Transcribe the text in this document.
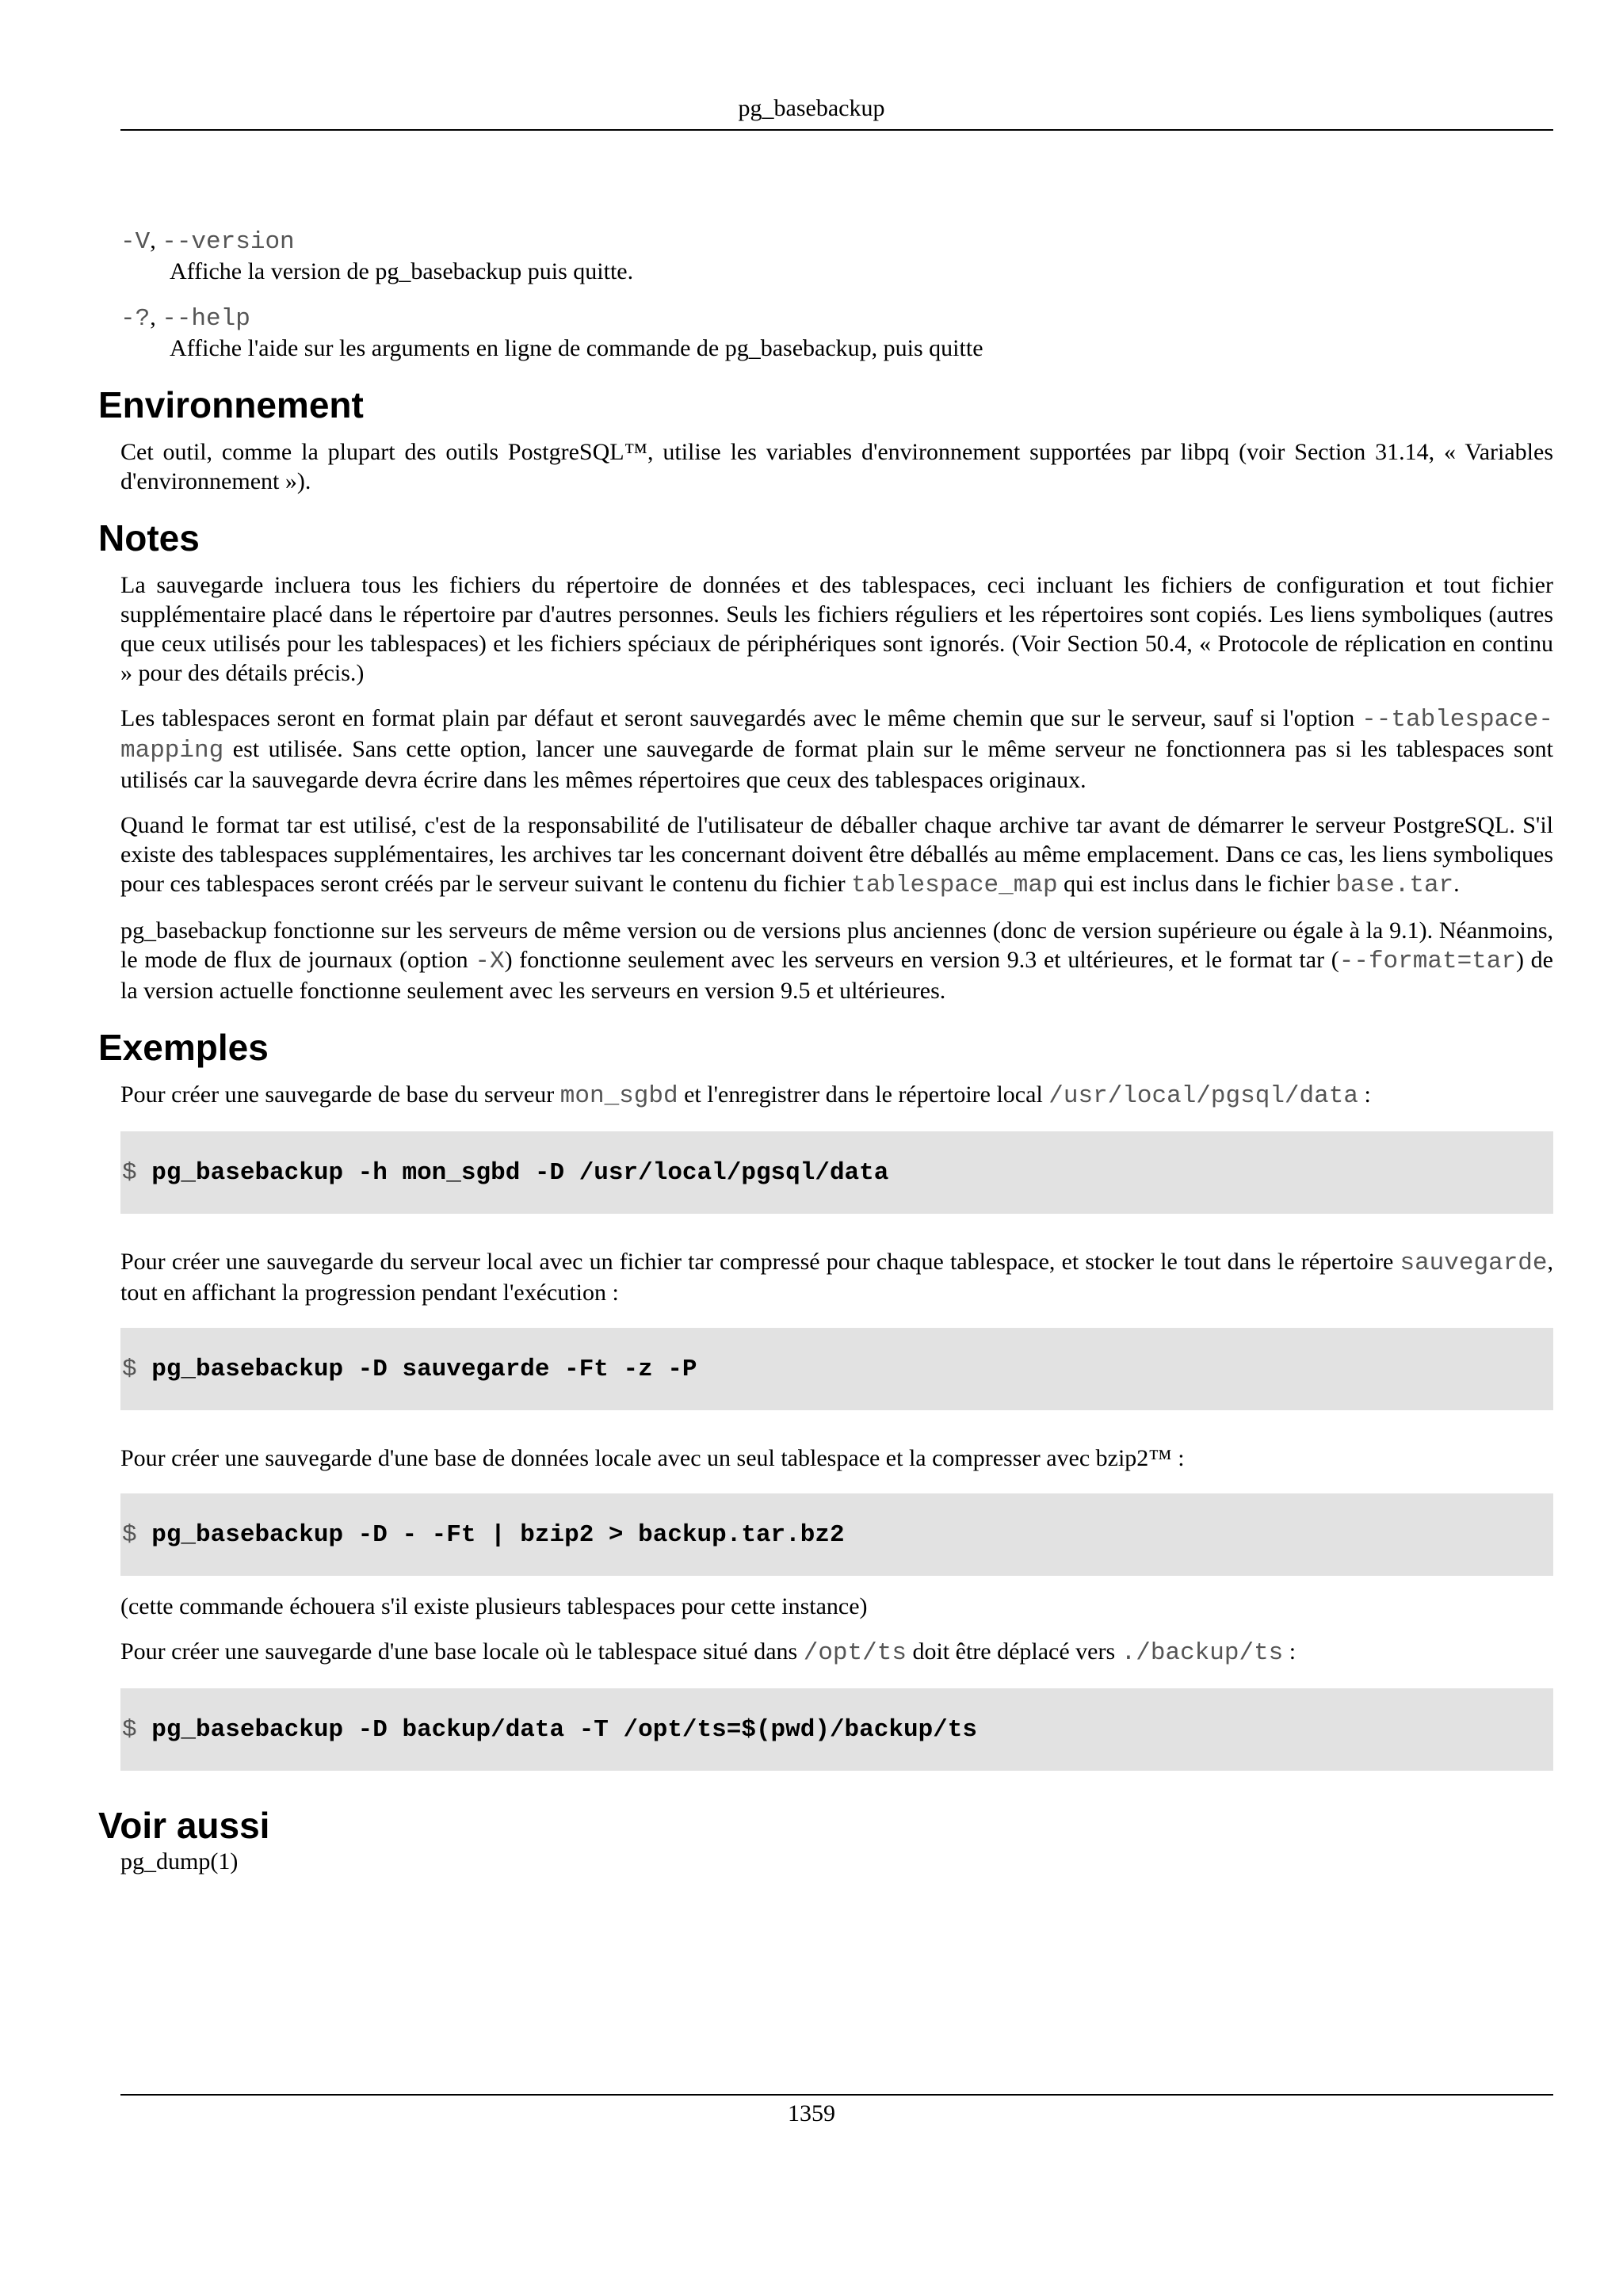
pg_basebackup
-V, --version
Affiche la version de pg_basebackup puis quitte.
-?, --help
Affiche l'aide sur les arguments en ligne de commande de pg_basebackup, puis quitte
Environnement

Cet outil, comme la plupart des outils PostgreSQL™, utilise les variables d'environnement supportées par libpq (voir Section 31.14, « Variables d'environnement »).

Notes

La sauvegarde incluera tous les fichiers du répertoire de données et des tablespaces, ceci incluant les fichiers de configuration et tout fichier supplémentaire placé dans le répertoire par d'autres personnes. Seuls les fichiers réguliers et les répertoires sont copiés. Les liens symboliques (autres que ceux utilisés pour les tablespaces) et les fichiers spéciaux de périphériques sont ignorés. (Voir Section 50.4, « Protocole de réplication en continu » pour des détails précis.)

Les tablespaces seront en format plain par défaut et seront sauvegardés avec le même chemin que sur le serveur, sauf si l'option --tablespace-mapping est utilisée. Sans cette option, lancer une sauvegarde de format plain sur le même serveur ne fonctionnera pas si les tablespaces sont utilisés car la sauvegarde devra écrire dans les mêmes répertoires que ceux des tablespaces originaux.

Quand le format tar est utilisé, c'est de la responsabilité de l'utilisateur de déballer chaque archive tar avant de démarrer le serveur PostgreSQL. S'il existe des tablespaces supplémentaires, les archives tar les concernant doivent être déballés au même emplacement. Dans ce cas, les liens symboliques pour ces tablespaces seront créés par le serveur suivant le contenu du fichier tablespace_map qui est inclus dans le fichier base.tar.

pg_basebackup fonctionne sur les serveurs de même version ou de versions plus anciennes (donc de version supérieure ou égale à la 9.1). Néanmoins, le mode de flux de journaux (option -X) fonctionne seulement avec les serveurs en version 9.3 et ultérieures, et le format tar (--format=tar) de la version actuelle fonctionne seulement avec les serveurs en version 9.5 et ultérieures.

Exemples

Pour créer une sauvegarde de base du serveur mon_sgbd et l'enregistrer dans le répertoire local /usr/local/pgsql/data :

$ pg_basebackup -h mon_sgbd -D /usr/local/pgsql/data

Pour créer une sauvegarde du serveur local avec un fichier tar compressé pour chaque tablespace, et stocker le tout dans le répertoire sauvegarde, tout en affichant la progression pendant l'exécution :

$ pg_basebackup -D sauvegarde -Ft -z -P

Pour créer une sauvegarde d'une base de données locale avec un seul tablespace et la compresser avec bzip2™ :

$ pg_basebackup -D - -Ft | bzip2 > backup.tar.bz2

(cette commande échouera s'il existe plusieurs tablespaces pour cette instance)

Pour créer une sauvegarde d'une base locale où le tablespace situé dans /opt/ts doit être déplacé vers ./backup/ts :

$ pg_basebackup -D backup/data -T /opt/ts=$(pwd)/backup/ts
Voir aussi

pg_dump(1)

1359
